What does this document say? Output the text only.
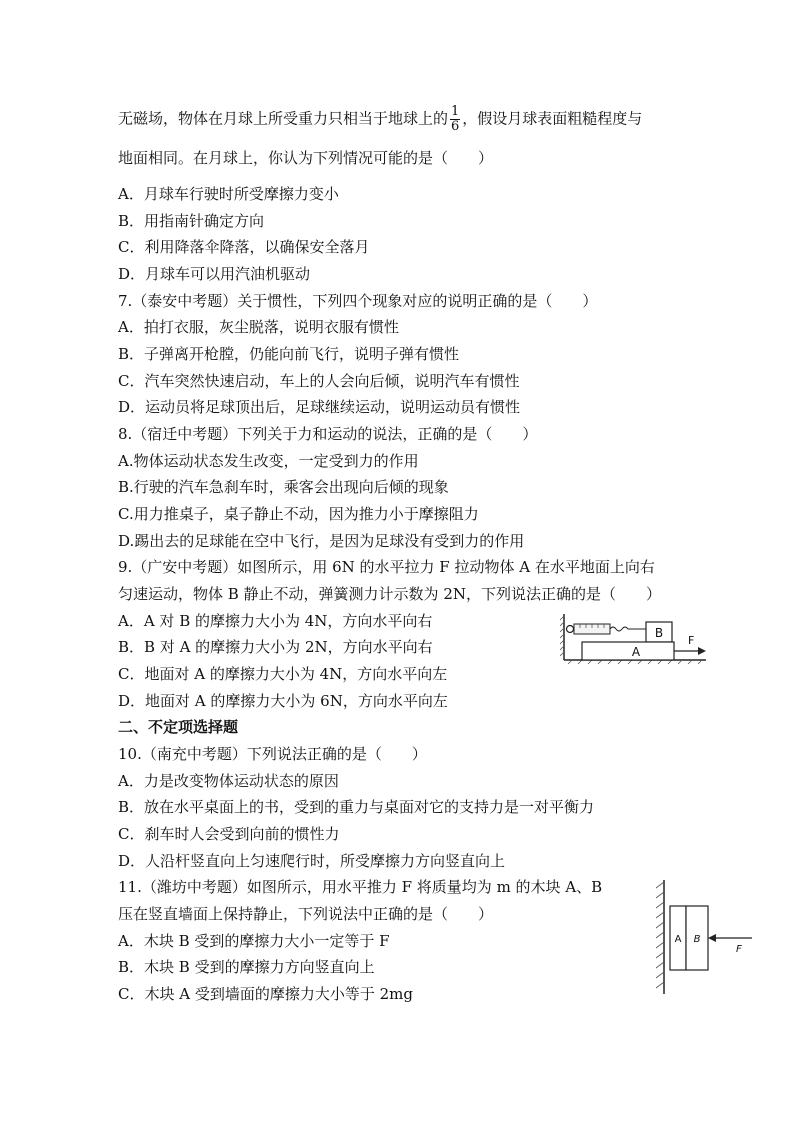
无磁场，物体在月球上所受重力只相当于地球上的 $\frac{1}{6}$ ，假设月球表面粗糙程度与
地面相同。在月球上，你认为下列情况可能的是（　　）
A．月球车行驶时所受摩擦力变小
B．用指南针确定方向
C．利用降落伞降落，以确保安全落月
D．月球车可以用汽油机驱动
7.（泰安中考题）关于惯性，下列四个现象对应的说明正确的是（　　）
A．拍打衣服，灰尘脱落，说明衣服有惯性
B．子弹离开枪膛，仍能向前飞行，说明子弹有惯性
C．汽车突然快速启动，车上的人会向后倾，说明汽车有惯性
D．运动员将足球顶出后，足球继续运动，说明运动员有惯性
8.（宿迁中考题）下列关于力和运动的说法，正确的是（　　）
A.物体运动状态发生改变，一定受到力的作用
B.行驶的汽车急刹车时，乘客会出现向后倾的现象
C.用力推桌子，桌子静止不动，因为推力小于摩擦阻力
D.踢出去的足球能在空中飞行，是因为足球没有受到力的作用
9.（广安中考题）如图所示，用 6N 的水平拉力 F 拉动物体 A 在水平地面上向右
匀速运动，物体 B 静止不动，弹簧测力计示数为 2N，下列说法正确的是（　　）
A．A 对 B 的摩擦力大小为 4N，方向水平向右
B．B 对 A 的摩擦力大小为 2N，方向水平向右
C．地面对 A 的摩擦力大小为 4N，方向水平向左
D．地面对 A 的摩擦力大小为 6N，方向水平向左
B
A
F
二、不定项选择题
10.（南充中考题）下列说法正确的是（　　）
A．力是改变物体运动状态的原因
B．放在水平桌面上的书，受到的重力与桌面对它的支持力是一对平衡力
C．刹车时人会受到向前的惯性力
D．人沿杆竖直向上匀速爬行时，所受摩擦力方向竖直向上
11.（潍坊中考题）如图所示，用水平推力 F 将质量均为 m 的木块 A、B
压在竖直墙面上保持静止，下列说法中正确的是（　　）
A．木块 B 受到的摩擦力大小一定等于 F
B．木块 B 受到的摩擦力方向竖直向上
C．木块 A 受到墙面的摩擦力大小等于 2mg
A B
F
